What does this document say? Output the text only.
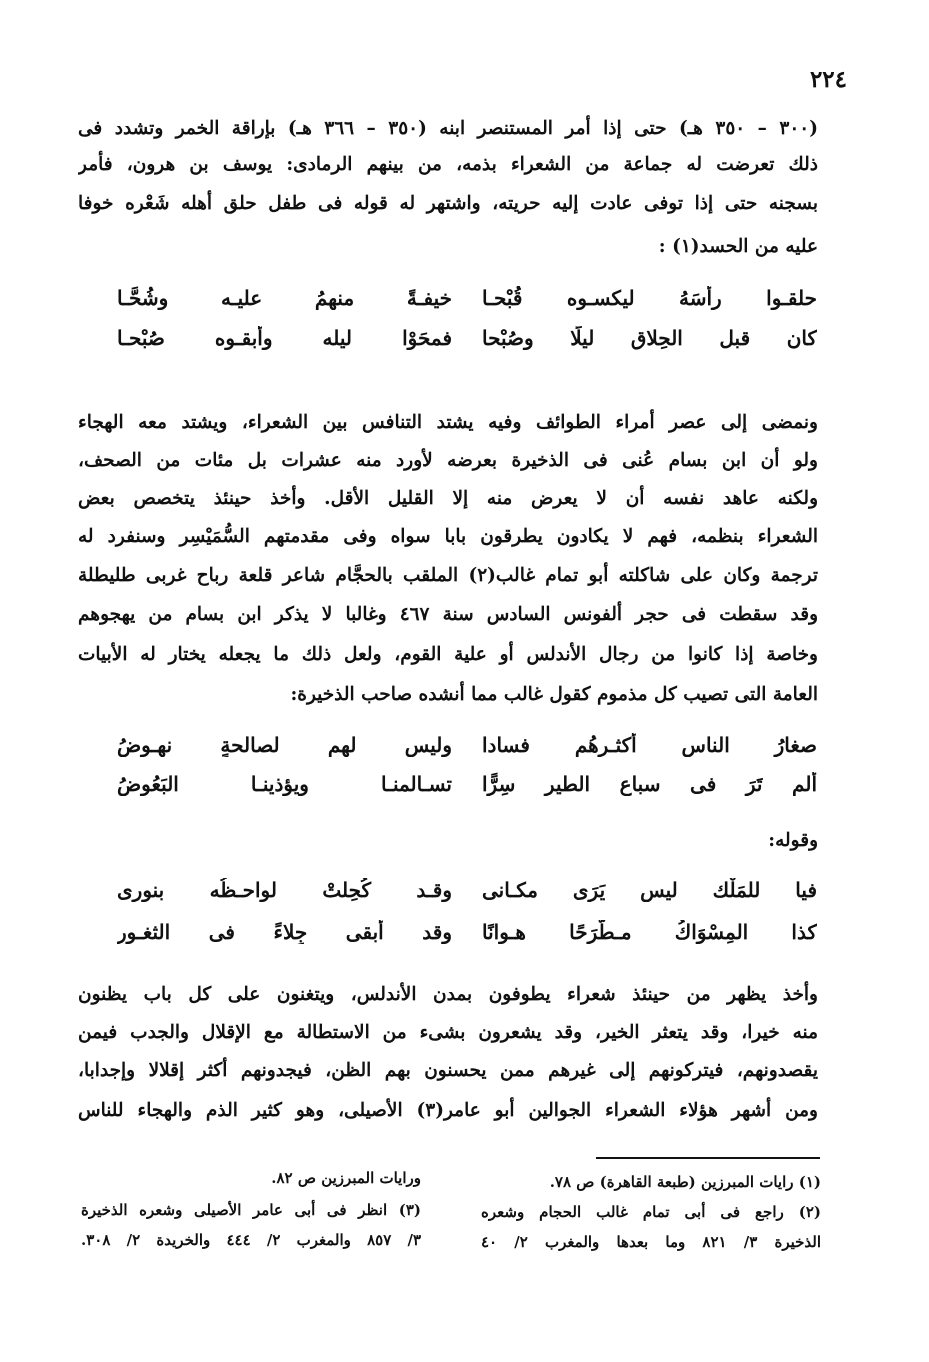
٢٢٤
(٣٠٠ – ٣٥٠ هـ) حتى إذا أمر المستنصر ابنه (٣٥٠ – ٣٦٦ هـ) بإراقة الخمر وتشدد فى
ذلك تعرضت له جماعة من الشعراء بذمه، من بينهم الرمادى: يوسف بن هرون، فأمر
بسجنه حتى إذا توفى عادت إليه حريته، واشتهر له قوله فى طفل حلق أهله شَعْره خوفا
عليه من الحسد(١) :
حلقـوا رأسَهُ ليكسـوه قُبْحـا
خيفـةً منهمُ عليـه وشُحَّـا
كان قبل الحِلاقِ ليلًا وصُبْحا
فمحَوْا ليله وأبقـوه صُبْحـا
ونمضى إلى عصر أمراء الطوائف وفيه يشتد التنافس بين الشعراء، ويشتد معه الهجاء
ولو أن ابن بسام عُنى فى الذخيرة بعرضه لأورد منه عشرات بل مئات من الصحف،
ولكنه عاهد نفسه أن لا يعرض منه إلا القليل الأقل. وأخذ حينئذ يتخصص بعض
الشعراء بنظمه، فهم لا يكادون يطرقون بابا سواه وفى مقدمتهم السُّمَيْسِر وسنفرد له
ترجمة وكان على شاكلته أبو تمام غالب(٢) الملقب بالحجَّام شاعر قلعة رباح غربى طليطلة
وقد سقطت فى حجر ألفونس السادس سنة ٤٦٧ وغالبا لا يذكر ابن بسام من يهجوهم
وخاصة إذا كانوا من رجال الأندلس أو علية القوم، ولعل ذلك ما يجعله يختار له الأبيات
العامة التى تصيب كل مذموم كقول غالب مما أنشده صاحب الذخيرة:
صغارُ الناسِ أكثـرهُم فسادا
وليس لهم لصالحةٍ نهـوضُ
ألم تَرَ فى سباع الطير سِرًّا
تسـالمنـا ويؤذينـا البَعُوضُ
وقوله:
فيا للمَلْك ليس يَرَى مكـانى
وقـد كُحِلتْ لواحـظُه بنورى
كذا المِسْوَاكُ مـطَّرَحًا هـوانًا
وقد أبقى جِلاءً فى الثغـورِ
وأخذ يظهر من حينئذ شعراء يطوفون بمدن الأندلس، ويتغنون على كل باب يظنون
منه خيرا، وقد يتعثر الخير، وقد يشعرون بشىء من الاستطالة مع الإقلال والجدب فيمن
يقصدونهم، فيتركونهم إلى غيرهم ممن يحسنون بهم الظن، فيجدونهم أكثر إقلالا وإجدابا،
ومن أشهر هؤلاء الشعراء الجوالين أبو عامر(٣) الأصيلى، وهو كثير الذم والهجاء للناس
(١) رايات المبرزين (طبعة القاهرة) ص ٧٨.
(٢) راجع فى أبى تمام غالب الحجام وشعره
الذخيرة ٣/ ٨٢١ وما بعدها والمغرب ٢/ ٤٠
ورايات المبرزين ص ٨٢.
(٣) انظر فى أبى عامر الأصيلى وشعره الذخيرة
٣/ ٨٥٧ والمغرب ٢/ ٤٤٤ والخريدة ٢/ ٣٠٨.
